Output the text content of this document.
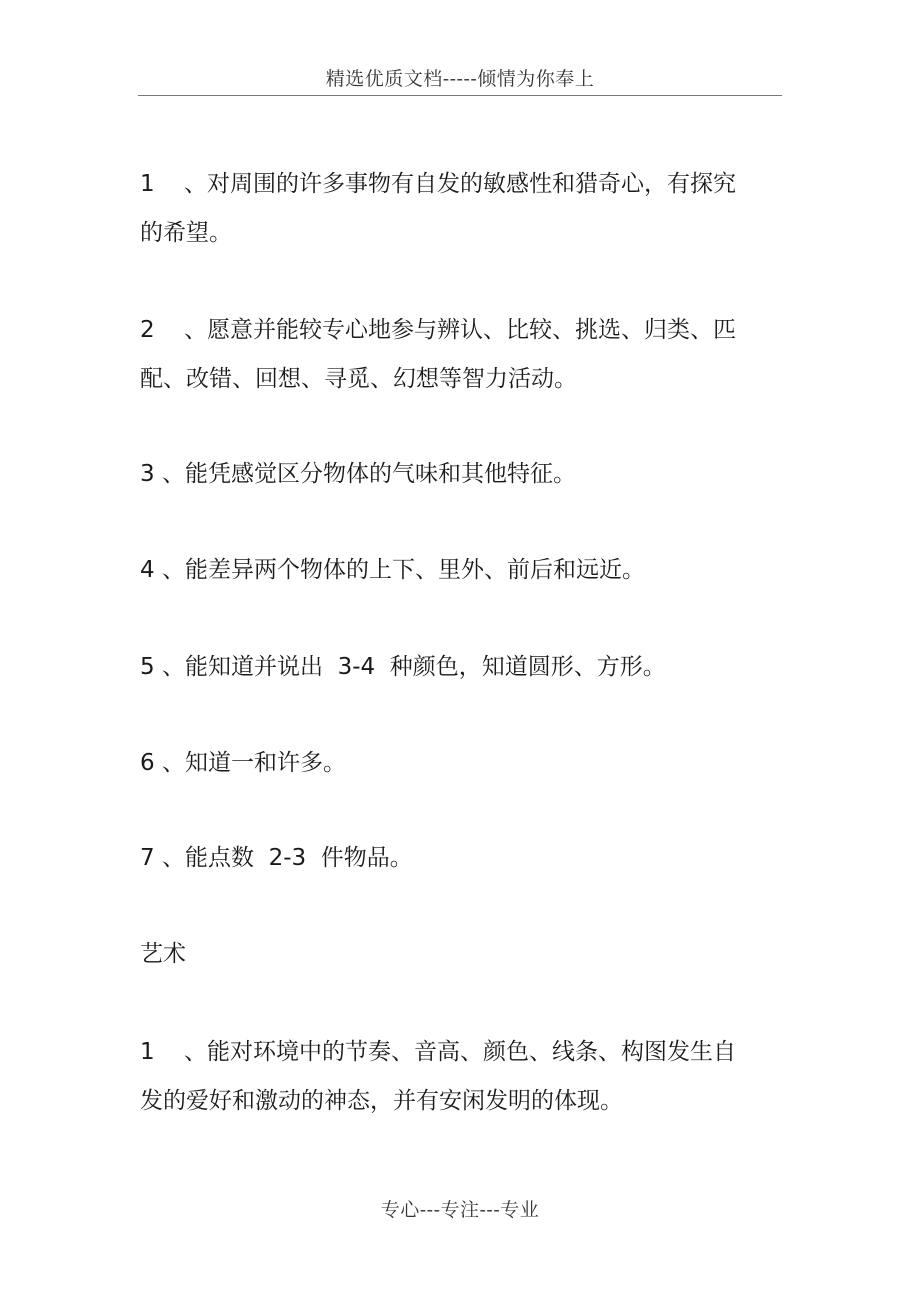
精选优质文档-----倾情为你奉上
1 、对周围的许多事物有自发的敏感性和猎奇心，有探究
的希望。
2 、愿意并能较专心地参与辨认、比较、挑选、归类、匹
配、改错、回想、寻觅、幻想等智力活动。
3 、能凭感觉区分物体的气味和其他特征。
4 、能差异两个物体的上下、里外、前后和远近。
5 、能知道并说出  3-4  种颜色，知道圆形、方形。
6 、知道一和许多。
7 、能点数  2-3  件物品。
艺术
1 、能对环境中的节奏、音高、颜色、线条、构图发生自
发的爱好和激动的神态，并有安闲发明的体现。
专心---专注---专业
